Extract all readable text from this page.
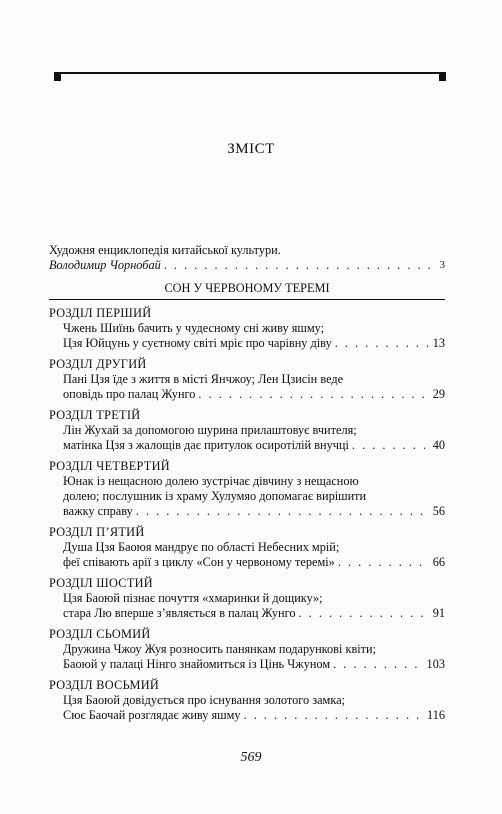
ЗМІСТ
Художня енциклопедія китайської культури.
Володимир Чорнобай . . .	3
СОН У ЧЕРВОНОМУ ТЕРЕМІ
РОЗДІЛ ПЕРШИЙ
Чжень Шиїнь бачить у чудесному сні живу яшму;
Цзя Юйцунь у суєтному світі мріє про чарівну діву . . .	13
РОЗДІЛ ДРУГИЙ
Пані Цзя їде з життя в місті Янчжоу; Лен Цзисін веде
оповідь про палац Жунго . . .	29
РОЗДІЛ ТРЕТІЙ
Лін Жухай за допомогою шурина прилаштовує вчителя;
матінка Цзя з жалощів дає притулок осиротілій внучці . . .	40
РОЗДІЛ ЧЕТВЕРТИЙ
Юнак із нещасною долею зустрічає дівчину з нещасною
долею; послушник із храму Хулумяо допомагає вирішити
важку справу . . .	56
РОЗДІЛ П’ЯТИЙ
Душа Цзя Баоюя мандрує по області Небесних мрій;
феї співають арії з циклу «Сон у червоному теремі» . . .	66
РОЗДІЛ ШОСТИЙ
Цзя Баоюй пізнає почуття «хмаринки й дощику»;
стара Лю вперше з’являється в палац Жунго . . .	91
РОЗДІЛ СЬОМИЙ
Дружина Чжоу Жуя розносить панянкам подарункові квіти;
Баоюй у палаці Нінго знайомиться із Цінь Чжуном . . .	103
РОЗДІЛ ВОСЬМИЙ
Цзя Баоюй довідується про існування золотого замка;
Сює Баочай розглядає живу яшму . . .	116
569
